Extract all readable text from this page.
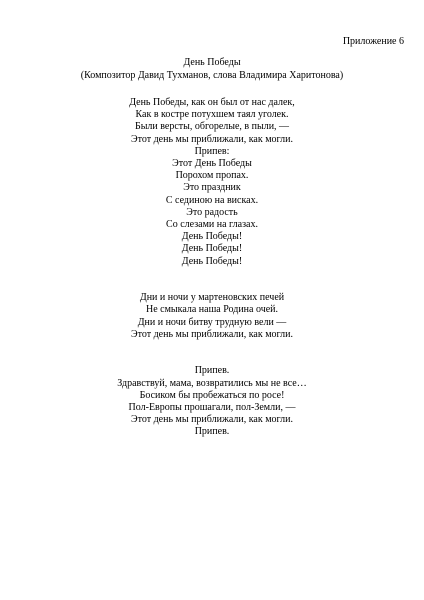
Приложение 6
День Победы
(Композитор Давид Тухманов, слова Владимира Харитонова)
День Победы, как он был от нас далек,
Как в костре потухшем таял уголек.
Были версты, обгорелые, в пыли, —
Этот день мы приближали, как могли.
Припев:
Этот День Победы
Порохом пропах.
Это праздник
С сединою на висках.
Это радость
Со слезами на глазах.
День Победы!
День Победы!
День Победы!
Дни и ночи у мартеновских печей
Не смыкала наша Родина очей.
Дни и ночи битву трудную вели —
Этот день мы приближали, как могли.
Припев.
Здравствуй, мама, возвратились мы не все…
Босиком бы пробежаться по росе!
Пол-Европы прошагали, пол-Земли, —
Этот день мы приближали, как могли.
Припев.
